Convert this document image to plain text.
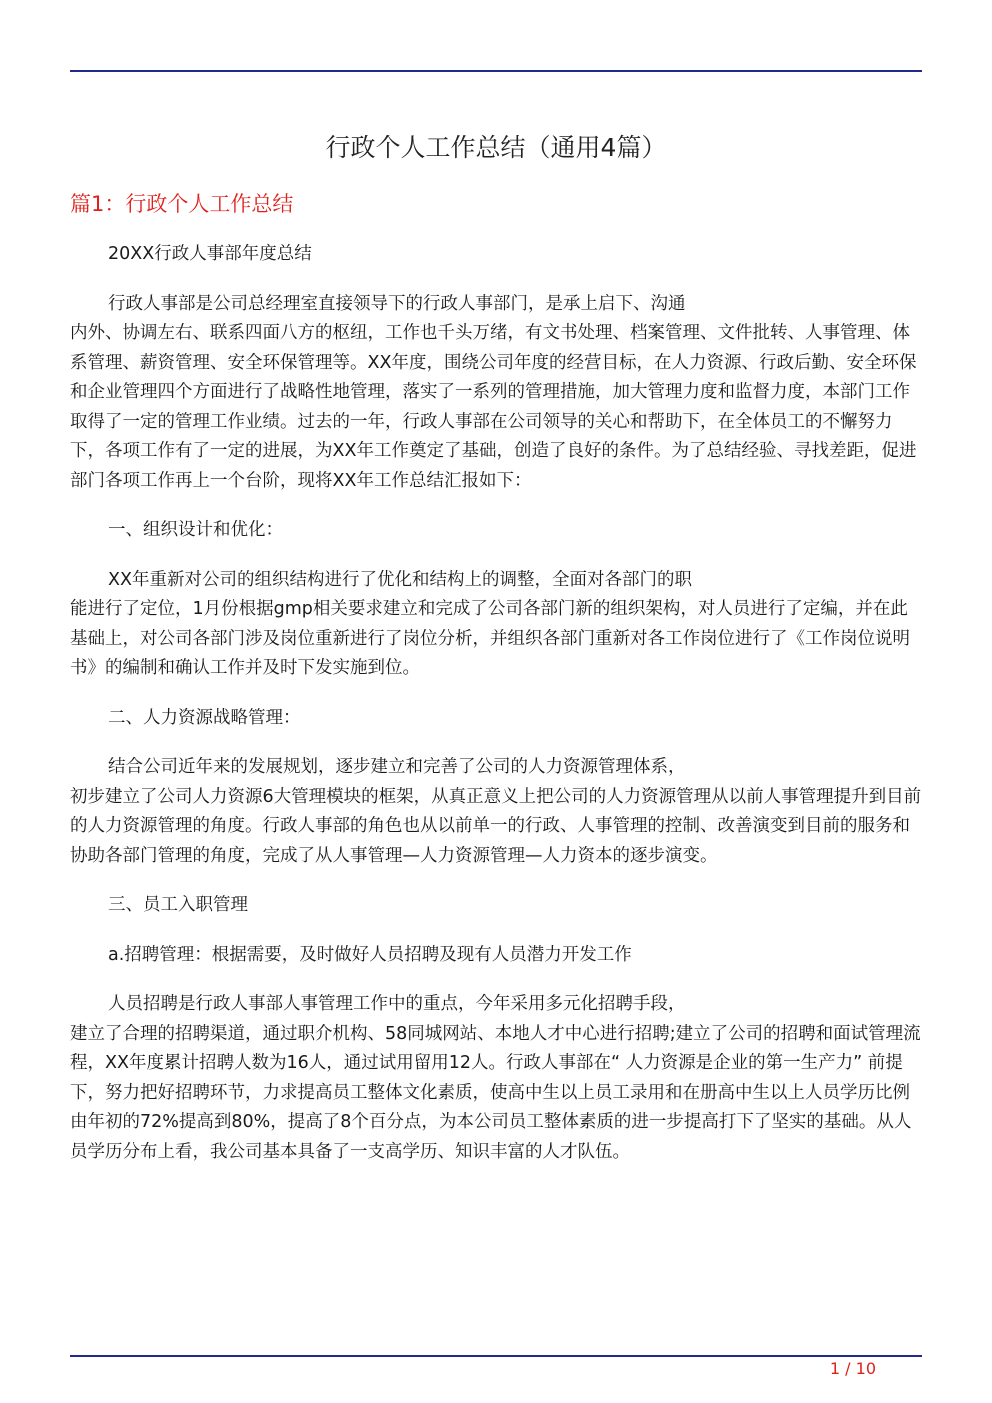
行政个人工作总结（通用4篇）
篇1：行政个人工作总结

20XX行政人事部年度总结

行政人事部是公司总经理室直接领导下的行政人事部门，是承上启下、沟通
内外、协调左右、联系四面八方的枢纽，工作也千头万绪，有文书处理、档案管理、文件批转、人事管理、体系管理、薪资管理、安全环保管理等。XX年度，围绕公司年度的经营目标，在人力资源、行政后勤、安全环保和企业管理四个方面进行了战略性地管理，落实了一系列的管理措施，加大管理力度和监督力度，本部门工作取得了一定的管理工作业绩。过去的一年，行政人事部在公司领导的关心和帮助下，在全体员工的不懈努力下，各项工作有了一定的进展，为XX年工作奠定了基础，创造了良好的条件。为了总结经验、寻找差距，促进部门各项工作再上一个台阶，现将XX年工作总结汇报如下：

一、组织设计和优化：

XX年重新对公司的组织结构进行了优化和结构上的调整，全面对各部门的职
能进行了定位，1月份根据gmp相关要求建立和完成了公司各部门新的组织架构，对人员进行了定编，并在此基础上，对公司各部门涉及岗位重新进行了岗位分析，并组织各部门重新对各工作岗位进行了《工作岗位说明书》的编制和确认工作并及时下发实施到位。

二、人力资源战略管理：

结合公司近年来的发展规划，逐步建立和完善了公司的人力资源管理体系，
初步建立了公司人力资源6大管理模块的框架，从真正意义上把公司的人力资源管理从以前人事管理提升到目前的人力资源管理的角度。行政人事部的角色也从以前单一的行政、人事管理的控制、改善演变到目前的服务和协助各部门管理的角度，完成了从人事管理—人力资源管理—人力资本的逐步演变。

三、员工入职管理

a.招聘管理：根据需要，及时做好人员招聘及现有人员潜力开发工作

人员招聘是行政人事部人事管理工作中的重点，今年采用多元化招聘手段，
建立了合理的招聘渠道，通过职介机构、58同城网站、本地人才中心进行招聘;建立了公司的招聘和面试管理流程，XX年度累计招聘人数为16人，通过试用留用12人。行政人事部在“ 人力资源是企业的第一生产力” 前提下，努力把好招聘环节，力求提高员工整体文化素质，使高中生以上员工录用和在册高中生以上人员学历比例由年初的72%提高到80%，提高了8个百分点，为本公司员工整体素质的进一步提高打下了坚实的基础。从人员学历分布上看，我公司基本具备了一支高学历、知识丰富的人才队伍。

1 / 10
